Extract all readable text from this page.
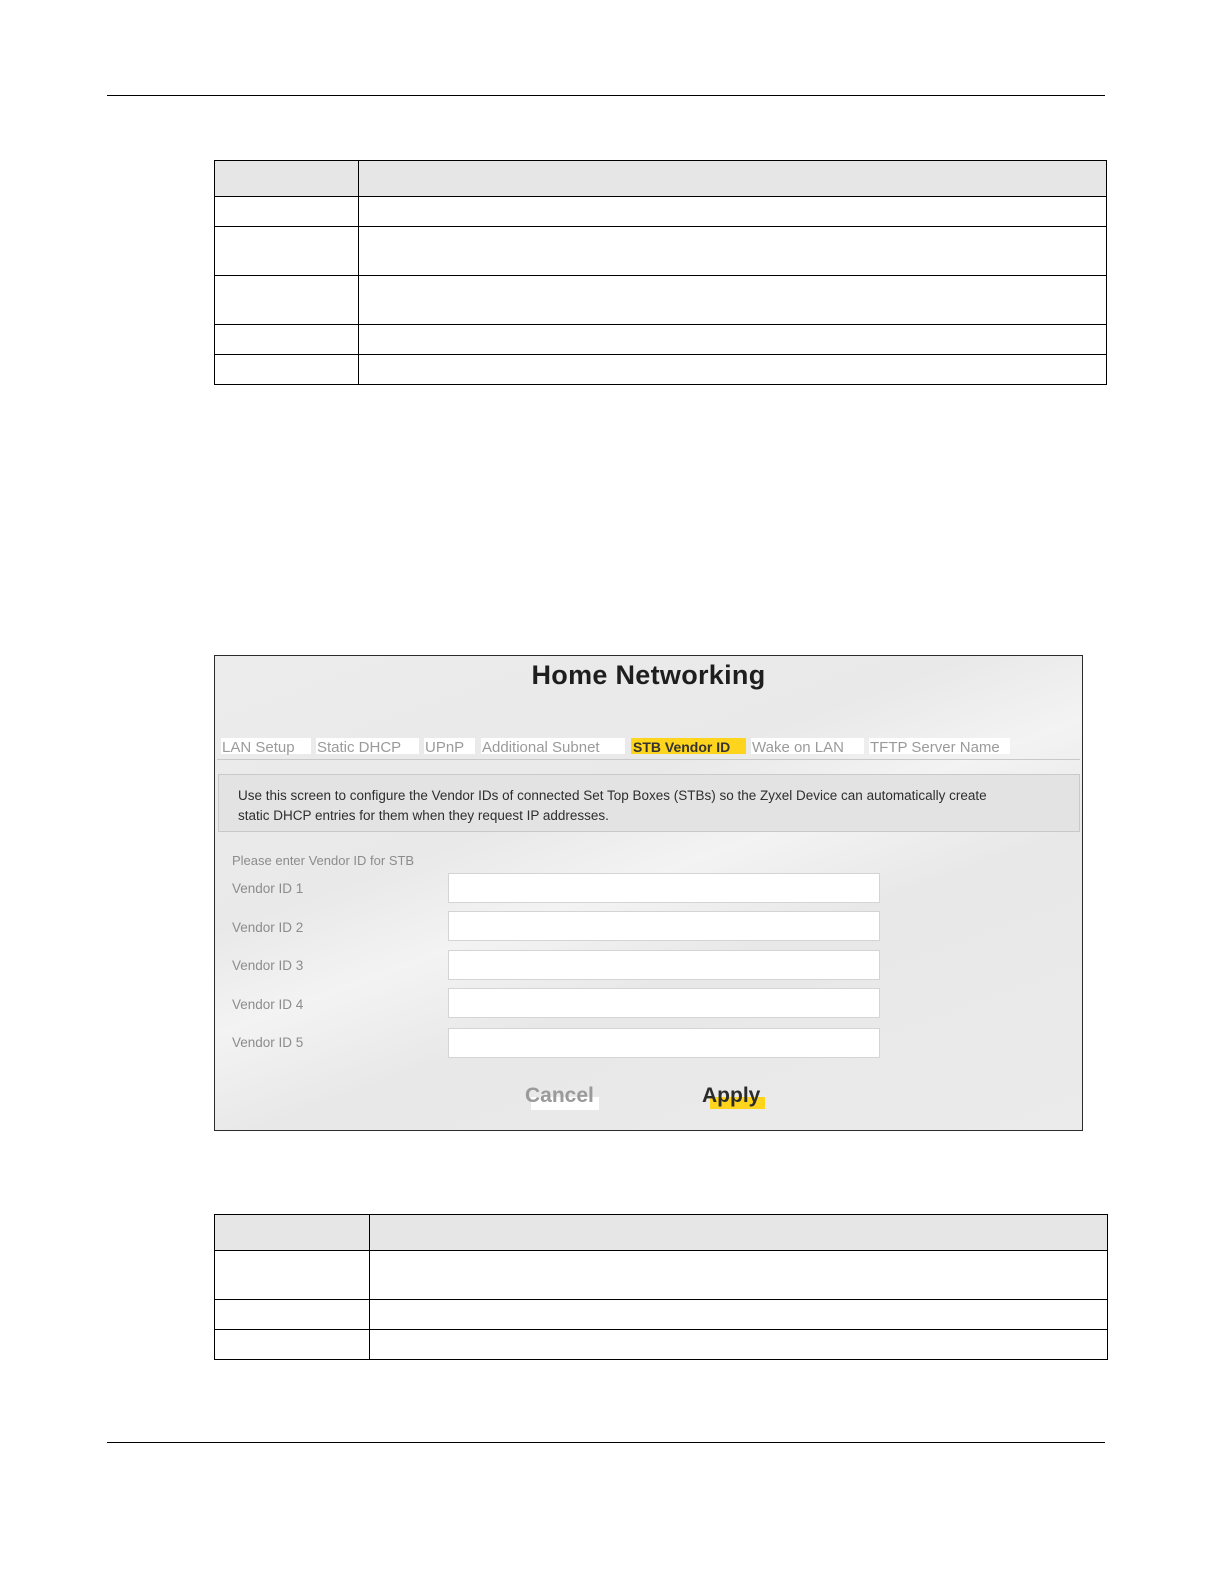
Home Networking
LAN Setup	Static DHCP	UPnP	Additional Subnet	STB Vendor ID	Wake on LAN	TFTP Server Name
Use this screen to configure the Vendor IDs of connected Set Top Boxes (STBs) so the Zyxel Device can automatically create
static DHCP entries for them when they request IP addresses.
Please enter Vendor ID for STB
Vendor ID 1
Vendor ID 2
Vendor ID 3
Vendor ID 4
Vendor ID 5
Cancel	Apply
